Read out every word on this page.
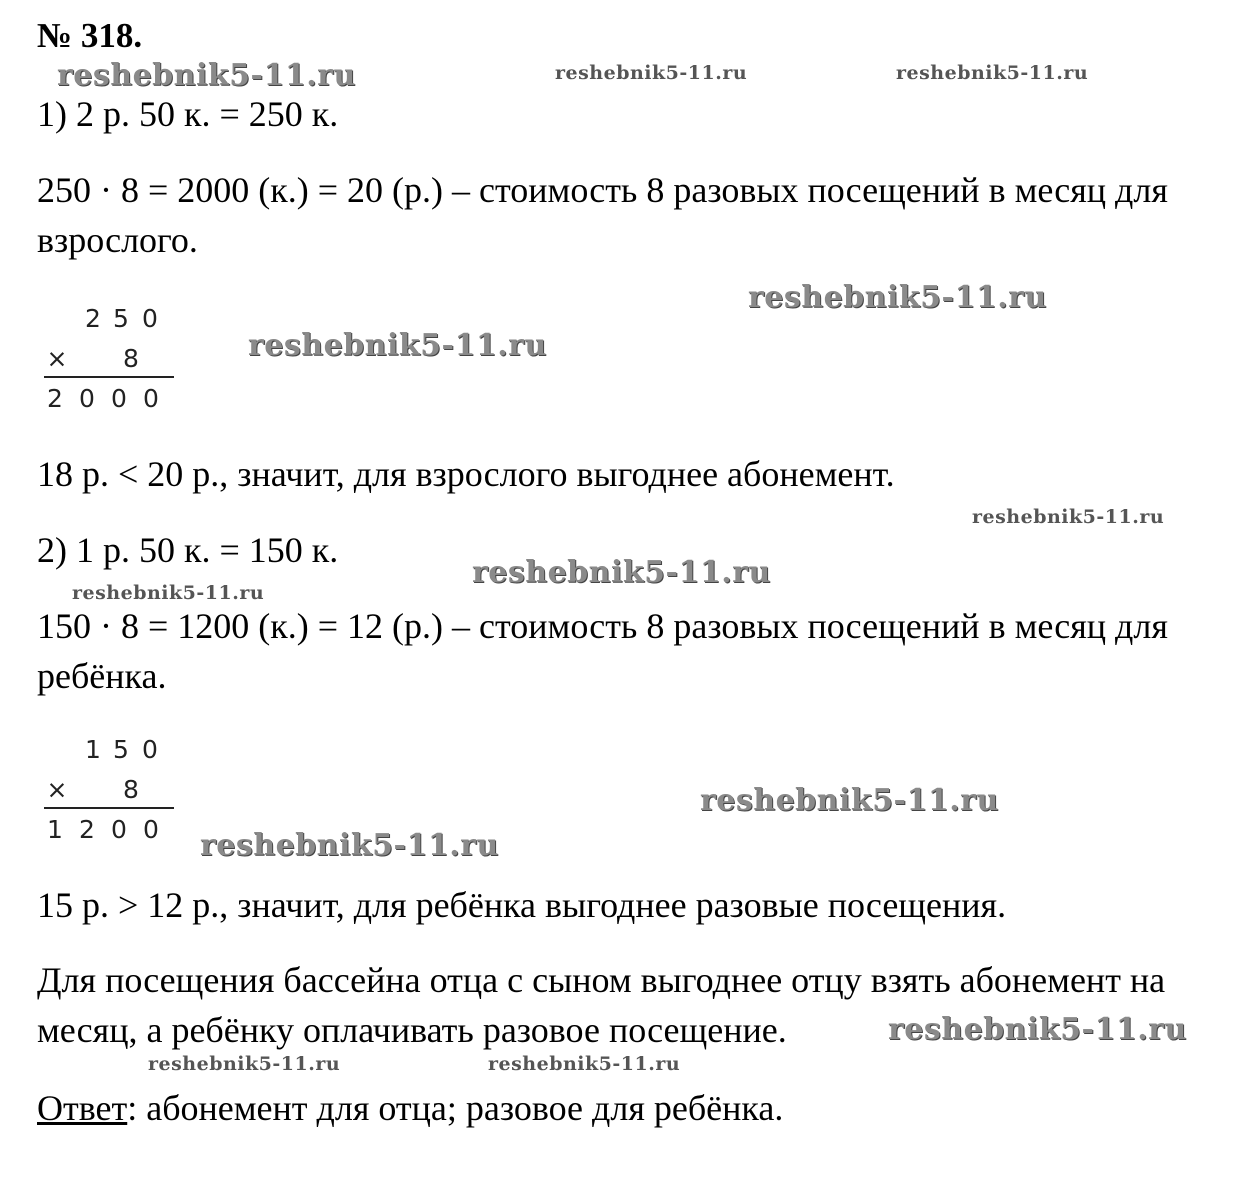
№ 318.
reshebnik5-11.ru	reshebnik5-11.ru	reshebnik5-11.ru
reshebnik5-11.ru
reshebnik5-11.ru
reshebnik5-11.ru
reshebnik5-11.ru
reshebnik5-11.ru
reshebnik5-11.ru
reshebnik5-11.ru
reshebnik5-11.ru
reshebnik5-11.ru	reshebnik5-11.ru
1) 2 р. 50 к. = 250 к.
250 · 8 = 2000 (к.) = 20 (р.) – стоимость 8 разовых посещений в месяц для
взрослого.
2 5 0
× 8
2 0 0 0
18 р. < 20 р., значит, для взрослого выгоднее абонемент.
2) 1 р. 50 к. = 150 к.
150 · 8 = 1200 (к.) = 12 (р.) – стоимость 8 разовых посещений в месяц для
ребёнка.
1 5 0
× 8
1 2 0 0
15 р. > 12 р., значит, для ребёнка выгоднее разовые посещения.
Для посещения бассейна отца с сыном выгоднее отцу взять абонемент на
месяц, а ребёнку оплачивать разовое посещение.
Ответ: абонемент для отца; разовое для ребёнка.
